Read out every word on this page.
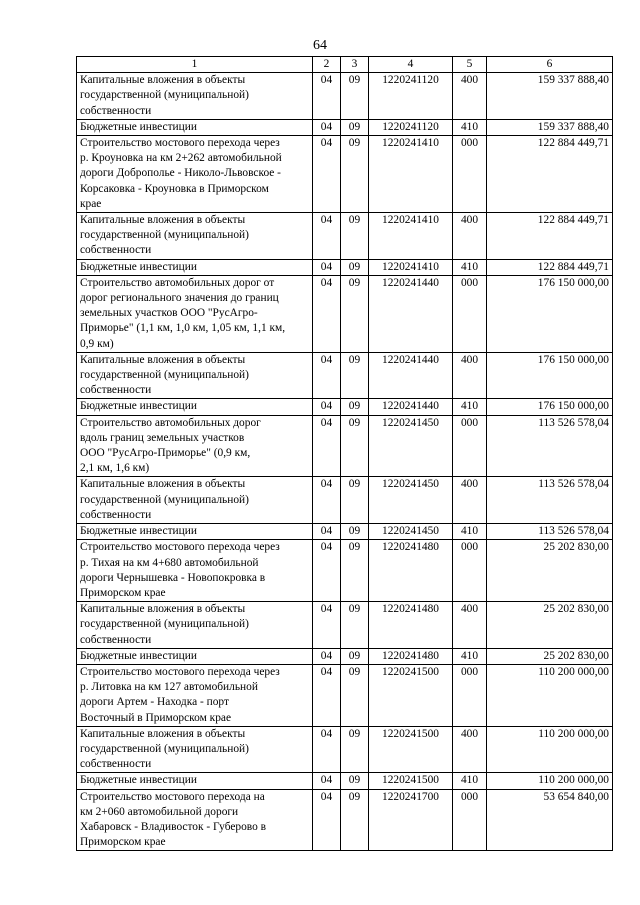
64
1	2	3	4	5	6

Капитальные вложения в объекты
государственной (муниципальной)
собственности	04	09	1220241120	400	159 337 888,40

Бюджетные инвестиции	04	09	1220241120	410	159 337 888,40

Строительство мостового перехода через
р. Кроуновка на км 2+262 автомобильной
дороги Доброполье - Николо-Львовское -
Корсаковка - Кроуновка в Приморском
крае	04	09	1220241410	000	122 884 449,71

Капитальные вложения в объекты
государственной (муниципальной)
собственности	04	09	1220241410	400	122 884 449,71

Бюджетные инвестиции	04	09	1220241410	410	122 884 449,71

Строительство автомобильных дорог от
дорог регионального значения до границ
земельных участков ООО "РусАгро-
Приморье" (1,1 км, 1,0 км, 1,05 км, 1,1 км,
0,9 км)	04	09	1220241440	000	176 150 000,00

Капитальные вложения в объекты
государственной (муниципальной)
собственности	04	09	1220241440	400	176 150 000,00

Бюджетные инвестиции	04	09	1220241440	410	176 150 000,00

Строительство автомобильных дорог
вдоль границ земельных участков
ООО "РусАгро-Приморье" (0,9 км,
2,1 км, 1,6 км)	04	09	1220241450	000	113 526 578,04

Капитальные вложения в объекты
государственной (муниципальной)
собственности	04	09	1220241450	400	113 526 578,04

Бюджетные инвестиции	04	09	1220241450	410	113 526 578,04

Строительство мостового перехода через
р. Тихая на км 4+680 автомобильной
дороги Чернышевка - Новопокровка в
Приморском крае	04	09	1220241480	000	25 202 830,00

Капитальные вложения в объекты
государственной (муниципальной)
собственности	04	09	1220241480	400	25 202 830,00

Бюджетные инвестиции	04	09	1220241480	410	25 202 830,00

Строительство мостового перехода через
р. Литовка на км 127 автомобильной
дороги Артем - Находка - порт
Восточный в Приморском крае	04	09	1220241500	000	110 200 000,00

Капитальные вложения в объекты
государственной (муниципальной)
собственности	04	09	1220241500	400	110 200 000,00

Бюджетные инвестиции	04	09	1220241500	410	110 200 000,00

Строительство мостового перехода на
км 2+060 автомобильной дороги
Хабаровск - Владивосток - Губерово в
Приморском крае	04	09	1220241700	000	53 654 840,00
